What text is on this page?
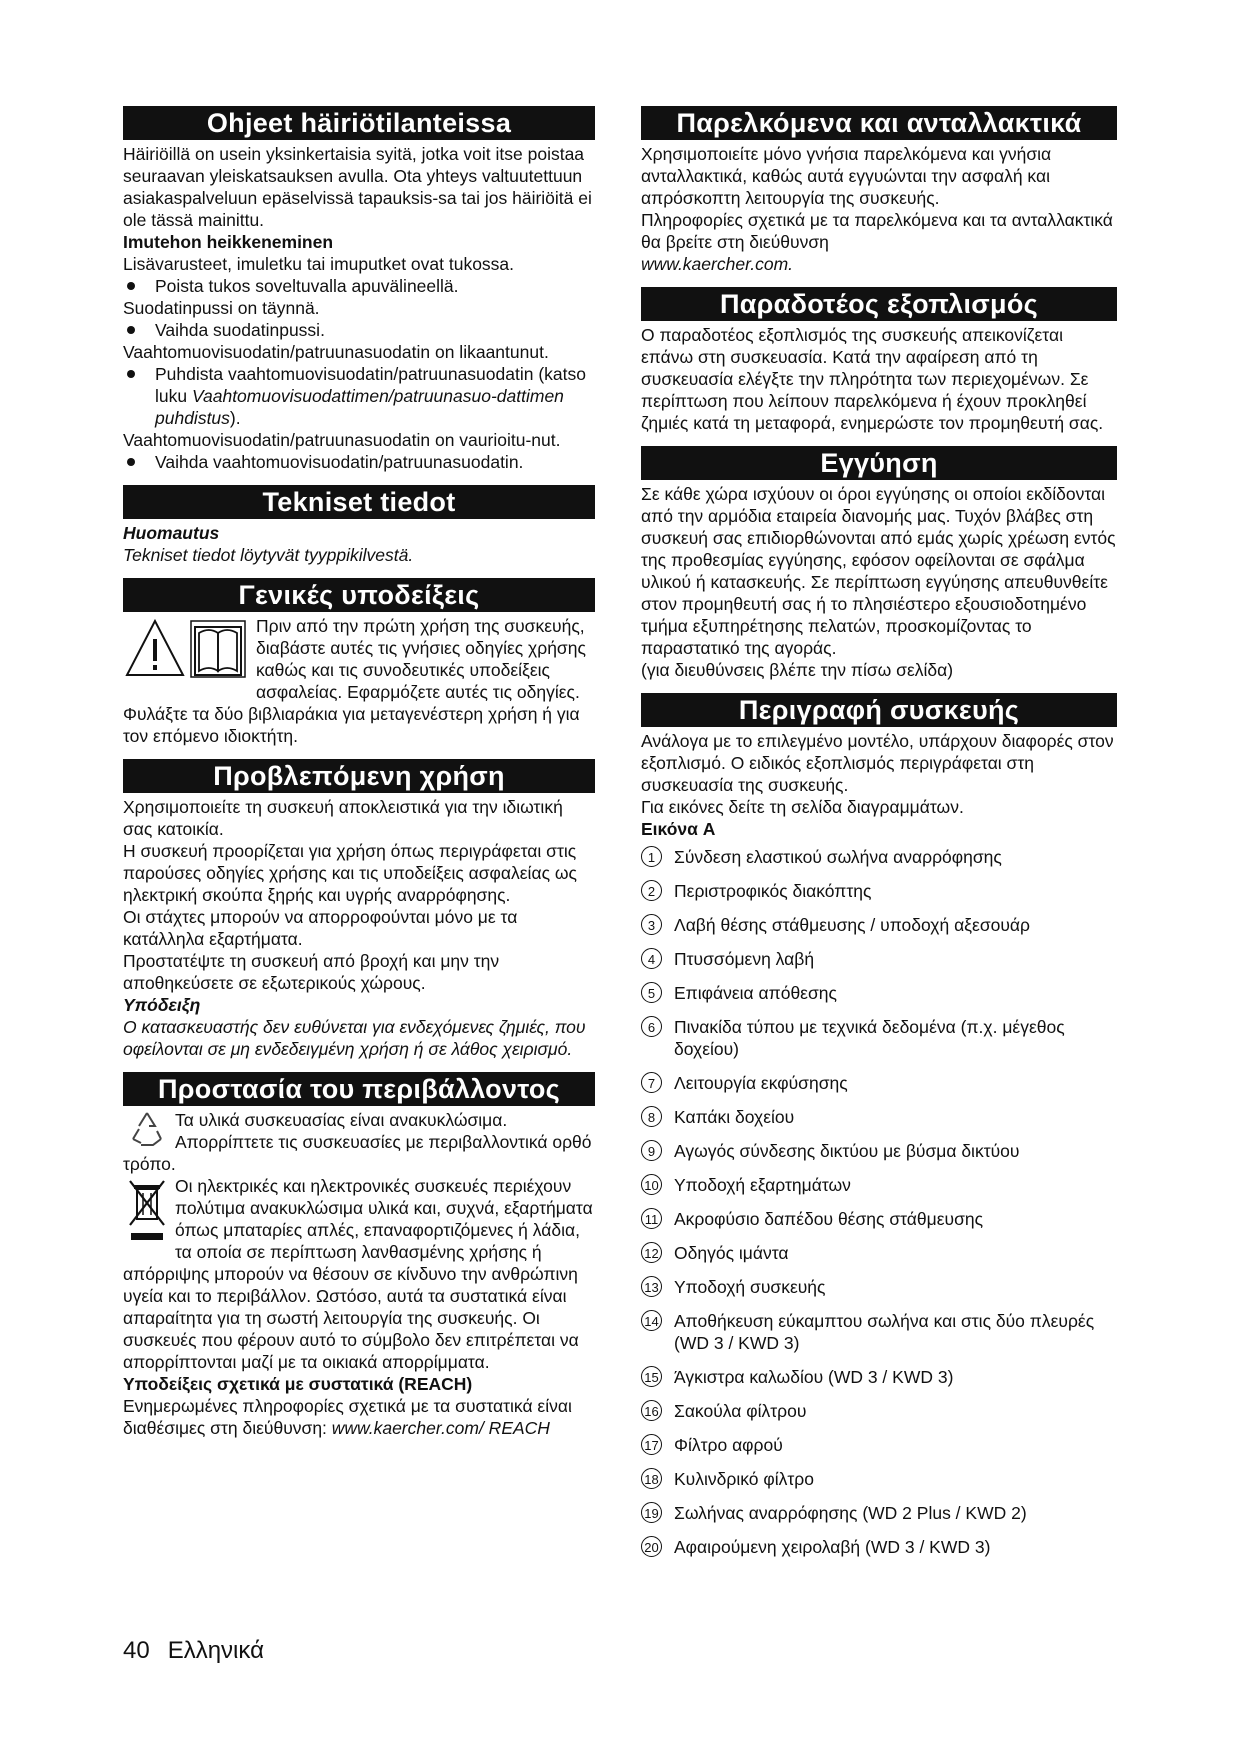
Ohjeet häiriötilanteissa

Häiriöillä on usein yksinkertaisia syitä, jotka voit itse poistaa seuraavan yleiskatsauksen avulla. Ota yhteys valtuutettuun asiakaspalveluun epäselvissä tapauksis-sa tai jos häiriöitä ei ole tässä mainittu.

Imutehon heikkeneminen

Lisävarusteet, imuletku tai imuputket ovat tukossa.

Poista tukos soveltuvalla apuvälineellä.

Suodatinpussi on täynnä.

Vaihda suodatinpussi.

Vaahtomuovisuodatin/patruunasuodatin on likaantunut.

Puhdista vaahtomuovisuodatin/patruunasuodatin (katso luku Vaahtomuovisuodattimen/patruunasuo-dattimen puhdistus).

Vaahtomuovisuodatin/patruunasuodatin on vaurioitu-nut.

Vaihda vaahtomuovisuodatin/patruunasuodatin.

Tekniset tiedot

Huomautus

Tekniset tiedot löytyvät tyyppikilvestä.

Γενικές υποδείξεις

Πριν από την πρώτη χρήση της συσκευής, διαβάστε αυτές τις γνήσιες οδηγίες χρήσης καθώς και τις συνοδευτικές υποδείξεις ασφαλείας. Εφαρμόζετε αυτές τις οδηγίες.

Φυλάξτε τα δύο βιβλιαράκια για μεταγενέστερη χρήση ή για τον επόμενο ιδιοκτήτη.

Προβλεπόμενη χρήση

Χρησιμοποιείτε τη συσκευή αποκλειστικά για την ιδιωτική σας κατοικία.

Η συσκευή προορίζεται για χρήση όπως περιγράφεται στις παρούσες οδηγίες χρήσης και τις υποδείξεις ασφαλείας ως ηλεκτρική σκούπα ξηρής και υγρής αναρρόφησης.

Οι στάχτες μπορούν να απορροφούνται μόνο με τα κατάλληλα εξαρτήματα.

Προστατέψτε τη συσκευή από βροχή και μην την αποθηκεύσετε σε εξωτερικούς χώρους.

Υπόδειξη

Ο κατασκευαστής δεν ευθύνεται για ενδεχόμενες ζημιές, που οφείλονται σε μη ενδεδειγμένη χρήση ή σε λάθος χειρισμό.

Προστασία του περιβάλλοντος

Τα υλικά συσκευασίας είναι ανακυκλώσιμα. Απορρίπτετε τις συσκευασίες με περιβαλλοντικά ορθό τρόπο.

Οι ηλεκτρικές και ηλεκτρονικές συσκευές περιέχουν πολύτιμα ανακυκλώσιμα υλικά και, συχνά, εξαρτήματα όπως μπαταρίες απλές, επαναφορτιζόμενες ή λάδια, τα οποία σε περίπτωση λανθασμένης χρήσης ή απόρριψης μπορούν να θέσουν σε κίνδυνο την ανθρώπινη υγεία και το περιβάλλον. Ωστόσο, αυτά τα συστατικά είναι απαραίτητα για τη σωστή λειτουργία της συσκευής. Οι συσκευές που φέρουν αυτό το σύμβολο δεν επιτρέπεται να απορρίπτονται μαζί με τα οικιακά απορρίμματα.

Υποδείξεις σχετικά με συστατικά (REACH)

Ενημερωμένες πληροφορίες σχετικά με τα συστατικά είναι διαθέσιμες στη διεύθυνση: www.kaercher.com/ REACH

Παρελκόμενα και ανταλλακτικά

Χρησιμοποιείτε μόνο γνήσια παρελκόμενα και γνήσια ανταλλακτικά, καθώς αυτά εγγυώνται την ασφαλή και απρόσκοπτη λειτουργία της συσκευής.

Πληροφορίες σχετικά με τα παρελκόμενα και τα ανταλλακτικά θα βρείτε στη διεύθυνση

www.kaercher.com.

Παραδοτέος εξοπλισμός

Ο παραδοτέος εξοπλισμός της συσκευής απεικονίζεται επάνω στη συσκευασία. Κατά την αφαίρεση από τη συσκευασία ελέγξτε την πληρότητα των περιεχομένων. Σε περίπτωση που λείπουν παρελκόμενα ή έχουν προκληθεί ζημιές κατά τη μεταφορά, ενημερώστε τον προμηθευτή σας.

Εγγύηση

Σε κάθε χώρα ισχύουν οι όροι εγγύησης οι οποίοι εκδίδονται από την αρμόδια εταιρεία διανομής μας. Τυχόν βλάβες στη συσκευή σας επιδιορθώνονται από εμάς χωρίς χρέωση εντός της προθεσμίας εγγύησης, εφόσον οφείλονται σε σφάλμα υλικού ή κατασκευής. Σε περίπτωση εγγύησης απευθυνθείτε στον προμηθευτή σας ή το πλησιέστερο εξουσιοδοτημένο τμήμα εξυπηρέτησης πελατών, προσκομίζοντας το παραστατικό της αγοράς.

(για διευθύνσεις βλέπε την πίσω σελίδα)

Περιγραφή συσκευής

Ανάλογα με το επιλεγμένο μοντέλο, υπάρχουν διαφορές στον εξοπλισμό. Ο ειδικός εξοπλισμός περιγράφεται στη συσκευασία της συσκευής.

Για εικόνες δείτε τη σελίδα διαγραμμάτων.

Εικόνα A

1	Σύνδεση ελαστικού σωλήνα αναρρόφησης
2	Περιστροφικός διακόπτης
3	Λαβή θέσης στάθμευσης / υποδοχή αξεσουάρ
4	Πτυσσόμενη λαβή
5	Επιφάνεια απόθεσης
6	Πινακίδα τύπου με τεχνικά δεδομένα (π.χ. μέγεθος δοχείου)
7	Λειτουργία εκφύσησης
8	Καπάκι δοχείου
9	Αγωγός σύνδεσης δικτύου με βύσμα δικτύου
10 Υποδοχή εξαρτημάτων
11 Ακροφύσιο δαπέδου θέσης στάθμευσης
12 Οδηγός ιμάντα
13 Υποδοχή συσκευής
14 Αποθήκευση εύκαμπτου σωλήνα και στις δύο πλευρές (WD 3 / KWD 3)
15 Άγκιστρα καλωδίου (WD 3 / KWD 3)
16 Σακούλα φίλτρου
17 Φίλτρο αφρού
18 Κυλινδρικό φίλτρο
19 Σωλήνας αναρρόφησης (WD 2 Plus / KWD 2)
20 Αφαιρούμενη χειρολαβή (WD 3 / KWD 3)
40 Ελληνικά
